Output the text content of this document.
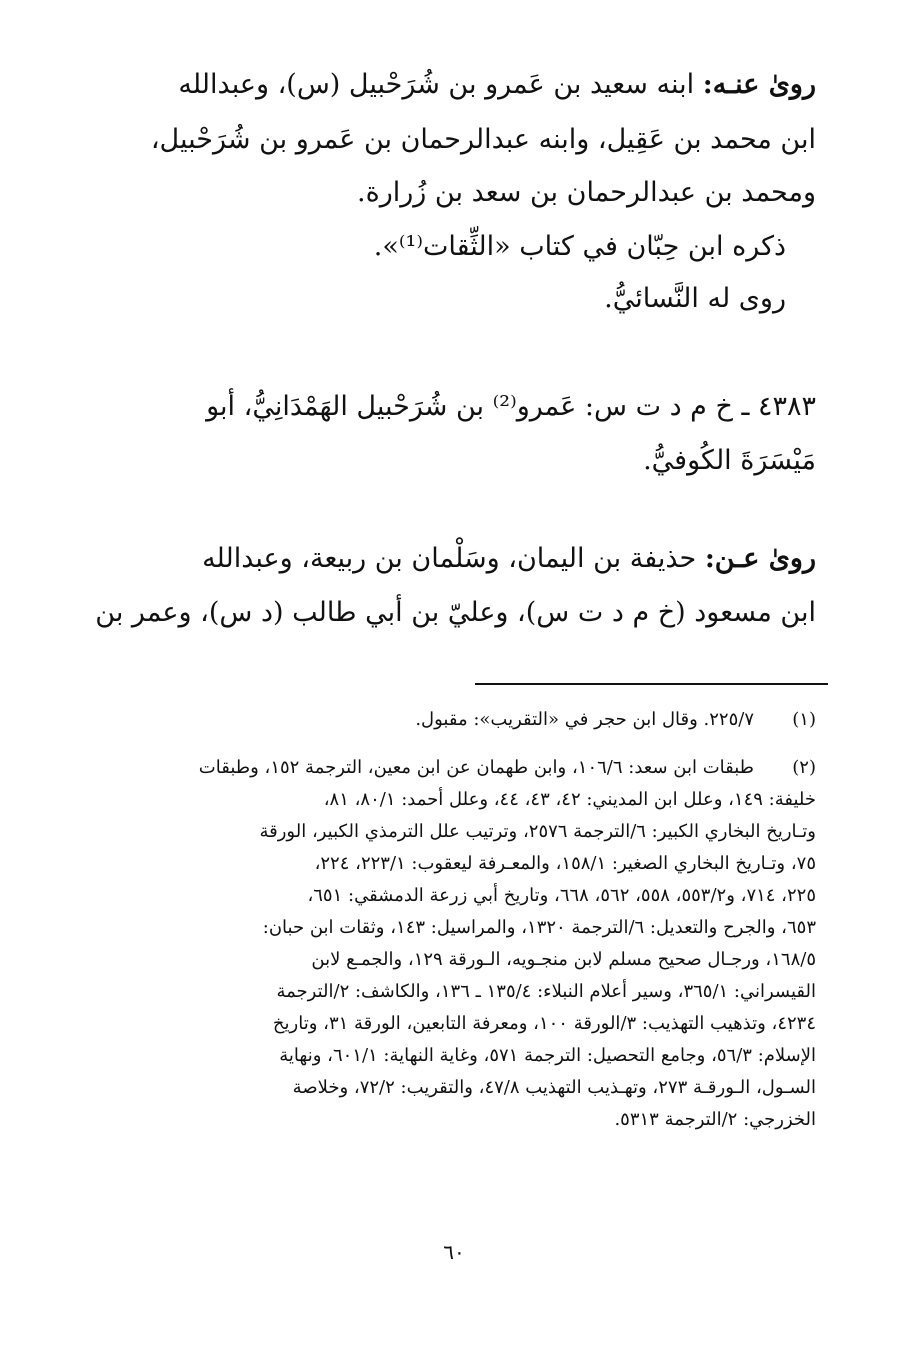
رویٰ عنـه: ابنه سعيد بن عَمرو بن شُرَحْبيل (س)، وعبدالله
ابن محمد بن عَقِيل، وابنه عبدالرحمان بن عَمرو بن شُرَحْبيل،
ومحمد بن عبدالرحمان بن سعد بن زُرارة.
ذكره ابن حِبّان في كتاب «الثِّقات⁽¹⁾».
روى له النَّسائيُّ.
٤٣٨٣ ـ خ م د ت س: عَمرو⁽²⁾ بن شُرَحْبيل الهَمْدَانِيُّ، أبو
مَيْسَرَةَ الكُوفيُّ.
رویٰ عـن: حذيفة بن اليمان، وسَلْمان بن ربيعة، وعبدالله
ابن مسعود (خ م د ت س)، وعليّ بن أبي طالب (د س)، وعمر بن
(١)
٢٢٥/٧. وقال ابن حجر في «التقريب»: مقبول.
(٢)
طبقات ابن سعد: ١٠٦/٦، وابن طهمان عن ابن معين، الترجمة ١٥٢، وطبقات
خليفة: ١٤٩، وعلل ابن المديني: ٤٢، ٤٣، ٤٤، وعلل أحمد: ٨٠/١، ٨١،
وتـاريخ البخاري الكبير: ٦/الترجمة ٢٥٧٦، وترتيب علل الترمذي الكبير، الورقة
٧٥، وتـاريخ البخاري الصغير: ١٥٨/١، والمعـرفة ليعقوب: ٢٢٣/١، ٢٢٤،
٢٢٥، ٧١٤، و٥٥٣/٢، ٥٥٨، ٥٦٢، ٦٦٨، وتاريخ أبي زرعة الدمشقي: ٦٥١،
٦٥٣، والجرح والتعديل: ٦/الترجمة ١٣٢٠، والمراسيل: ١٤٣، وثقات ابن حبان:
١٦٨/٥، ورجـال صحيح مسلم لابن منجـويه، الـورقة ١٢٩، والجمـع لابن
القيسراني: ٣٦٥/١، وسير أعلام النبلاء: ١٣٥/٤ ـ ١٣٦، والكاشف: ٢/الترجمة
٤٢٣٤، وتذهيب التهذيب: ٣/الورقة ١٠٠، ومعرفة التابعين، الورقة ٣١، وتاريخ
الإسلام: ٥٦/٣، وجامع التحصيل: الترجمة ٥٧١، وغاية النهاية: ٦٠١/١، ونهاية
السـول، الـورقـة ٢٧٣، وتهـذيب التهذيب ٤٧/٨، والتقريب: ٧٢/٢، وخلاصة
الخزرجي: ٢/الترجمة ٥٣١٣.
٦٠
